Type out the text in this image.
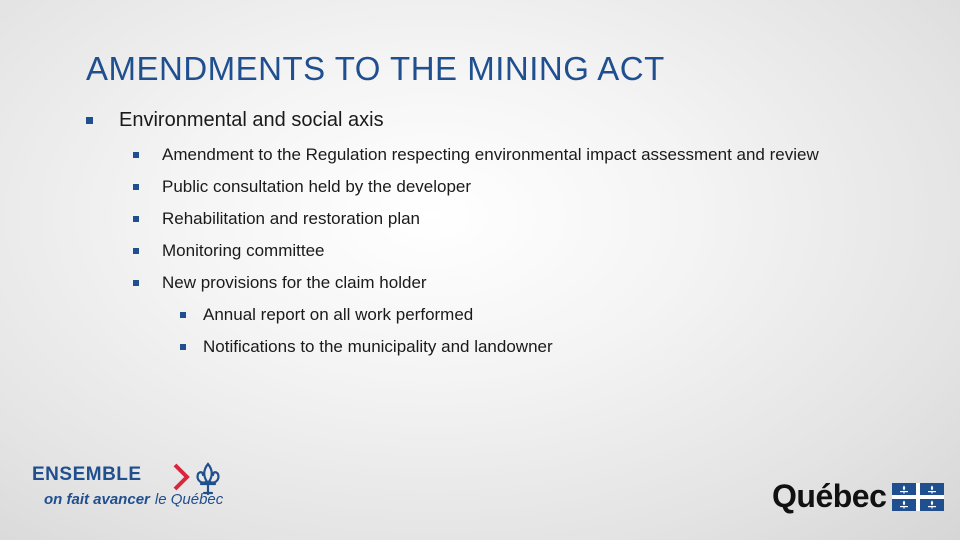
AMENDMENTS TO THE MINING ACT
Environmental and social axis
Amendment to the Regulation respecting environmental impact assessment and review
Public consultation held by the developer
Rehabilitation and restoration plan
Monitoring committee
New provisions for the claim holder
Annual report on all work performed
Notifications to the municipality and landowner
ENSEMBLE
on fait avancer le Québec	Québec
